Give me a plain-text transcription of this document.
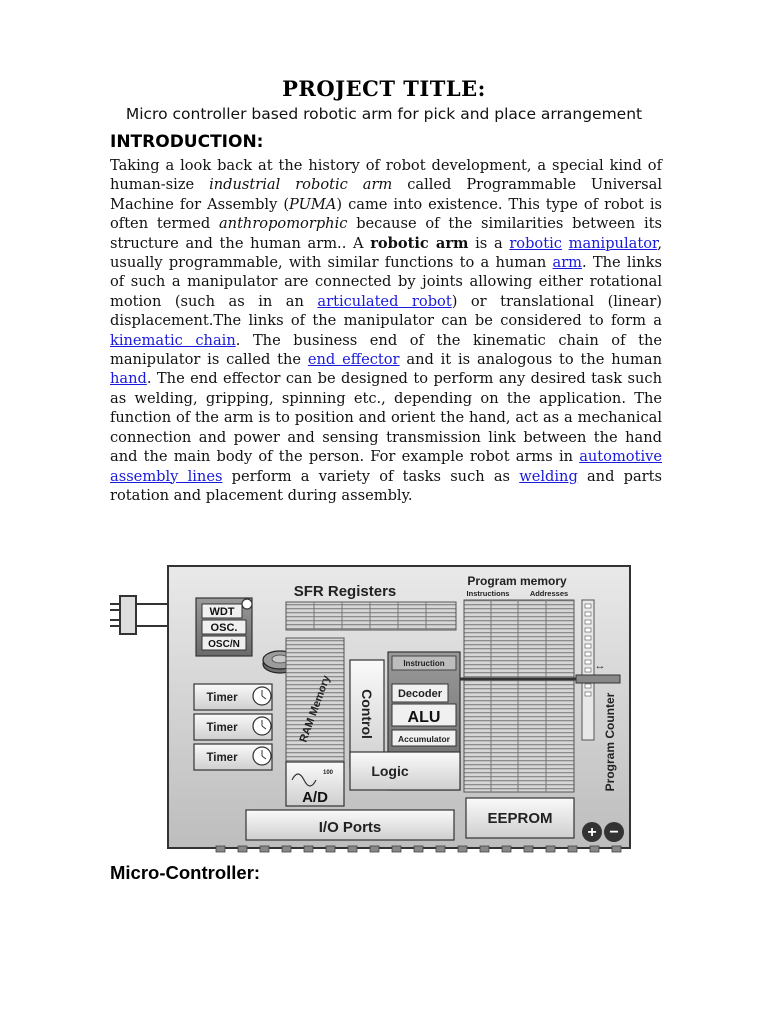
PROJECT TITLE:
Micro controller based robotic arm for pick and place arrangement
INTRODUCTION:

Taking a look back at the history of robot development, a special kind of human-size industrial robotic arm called Programmable Universal Machine for Assembly (PUMA) came into existence. This type of robot is often termed anthropomorphic because of the similarities between its structure and the human arm.. A robotic arm is a robotic manipulator, usually programmable, with similar functions to a human arm. The links of such a manipulator are connected by joints allowing either rotational motion (such as in an articulated robot) or translational (linear) displacement.The links of the manipulator can be considered to form a kinematic chain. The business end of the kinematic chain of the manipulator is called the end effector and it is analogous to the human hand. The end effector can be designed to perform any desired task such as welding, gripping, spinning etc., depending on the application. The function of the arm is to position and orient the hand, act as a mechanical connection and power and sensing transmission link between the hand and the main body of the person. For example robot arms in automotive assembly lines perform a variety of tasks such as welding and parts rotation and placement during assembly.

WDT
OSC.
OSC/N
SFR Registers
Program memory
Instructions	Addresses
↔
Program Counter
Timer
Timer
Timer
RAM Memory Control
Instruction
Decoder
ALU
Accumulator
Logic
100
A/D
I/O Ports
EEPROM
+ −
Micro-Controller:
